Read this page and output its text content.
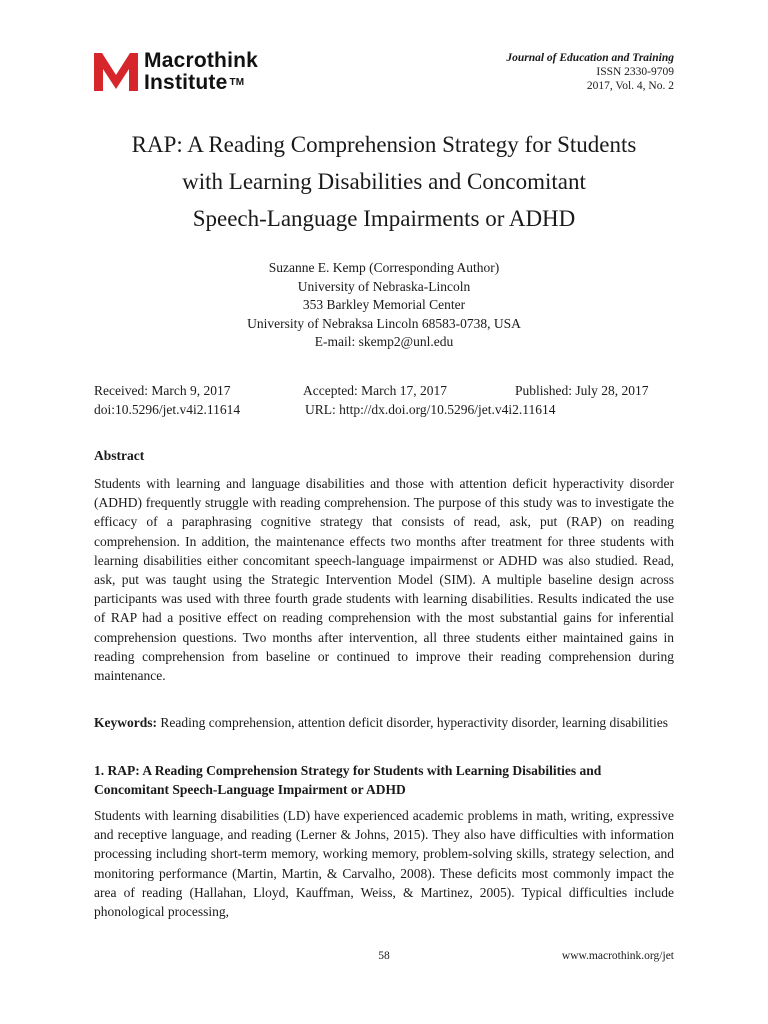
Macrothink
Institute ™
Journal of Education and Training
ISSN 2330-9709
2017, Vol. 4, No. 2
RAP: A Reading Comprehension Strategy for Students
with Learning Disabilities and Concomitant
Speech-Language Impairments or ADHD
Suzanne E. Kemp (Corresponding Author)
University of Nebraska-Lincoln
353 Barkley Memorial Center
University of Nebraksa Lincoln 68583-0738, USA
E-mail: skemp2@unl.edu
Received: March 9, 2017	Accepted: March 17, 2017	Published: July 28, 2017
doi:10.5296/jet.v4i2.11614	URL: http://dx.doi.org/10.5296/jet.v4i2.11614
Abstract
Students with learning and language disabilities and those with attention deficit hyperactivity disorder (ADHD) frequently struggle with reading comprehension. The purpose of this study was to investigate the efficacy of a paraphrasing cognitive strategy that consists of read, ask, put (RAP) on reading comprehension. In addition, the maintenance effects two months after treatment for three students with learning disabilities either concomitant speech-language impairmenst or ADHD was also studied. Read, ask, put was taught using the Strategic Intervention Model (SIM). A multiple baseline design across participants was used with three fourth grade students with learning disabilities. Results indicated the use of RAP had a positive effect on reading comprehension with the most substantial gains for inferential comprehension questions. Two months after intervention, all three students either maintained gains in reading comprehension from baseline or continued to improve their reading comprehension during maintenance.
Keywords: Reading comprehension, attention deficit disorder, hyperactivity disorder, learning disabilities
1. RAP: A Reading Comprehension Strategy for Students with Learning Disabilities and Concomitant Speech-Language Impairment or ADHD
Students with learning disabilities (LD) have experienced academic problems in math, writing, expressive and receptive language, and reading (Lerner & Johns, 2015). They also have difficulties with information processing including short-term memory, working memory, problem-solving skills, strategy selection, and monitoring performance (Martin, Martin, & Carvalho, 2008). These deficits most commonly impact the area of reading (Hallahan, Lloyd, Kauffman, Weiss, & Martinez, 2005). Typical difficulties include phonological processing,
58	www.macrothink.org/jet
